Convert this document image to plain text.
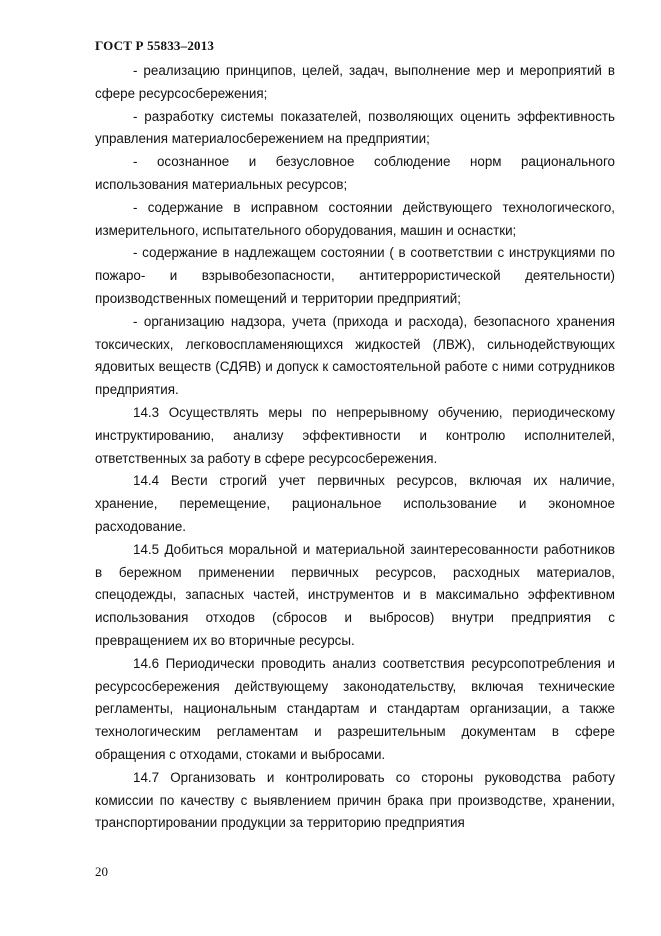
ГОСТ Р 55833–2013

- реализацию принципов, целей, задач, выполнение мер и мероприятий в сфере ресурсосбережения;

- разработку системы показателей, позволяющих оценить эффективность управления материалосбережением на предприятии;

- осознанное и безусловное соблюдение норм рационального использования материальных ресурсов;

- содержание в исправном состоянии действующего технологического, измерительного, испытательного оборудования, машин и оснастки;

- содержание в надлежащем состоянии ( в соответствии с инструкциями по пожаро- и взрывобезопасности, антитеррористической деятельности) производственных помещений и территории предприятий;

- организацию надзора, учета (прихода и расхода), безопасного хранения токсических, легковоспламеняющихся жидкостей (ЛВЖ), сильнодействующих ядовитых веществ (СДЯВ) и допуск к самостоятельной работе с ними сотрудников предприятия.

14.3 Осуществлять меры по непрерывному обучению, периодическому инструктированию, анализу эффективности и контролю исполнителей, ответственных за работу в сфере ресурсосбережения.

14.4 Вести строгий учет первичных ресурсов, включая их наличие, хранение, перемещение, рациональное использование и экономное расходование.

14.5 Добиться моральной и материальной заинтересованности работников в бережном применении первичных ресурсов, расходных материалов, спецодежды, запасных частей, инструментов и в максимально эффективном использования отходов (сбросов и выбросов) внутри предприятия с превращением их во вторичные ресурсы.

14.6 Периодически проводить анализ соответствия ресурсопотребления и ресурсосбережения действующему законодательству, включая технические регламенты, национальным стандартам и стандартам организации, а также технологическим регламентам и разрешительным документам в сфере обращения с отходами, стоками и выбросами.

14.7 Организовать и контролировать со стороны руководства работу комиссии по качеству с выявлением причин брака при производстве, хранении, транспортировании продукции за территорию предприятия

20
